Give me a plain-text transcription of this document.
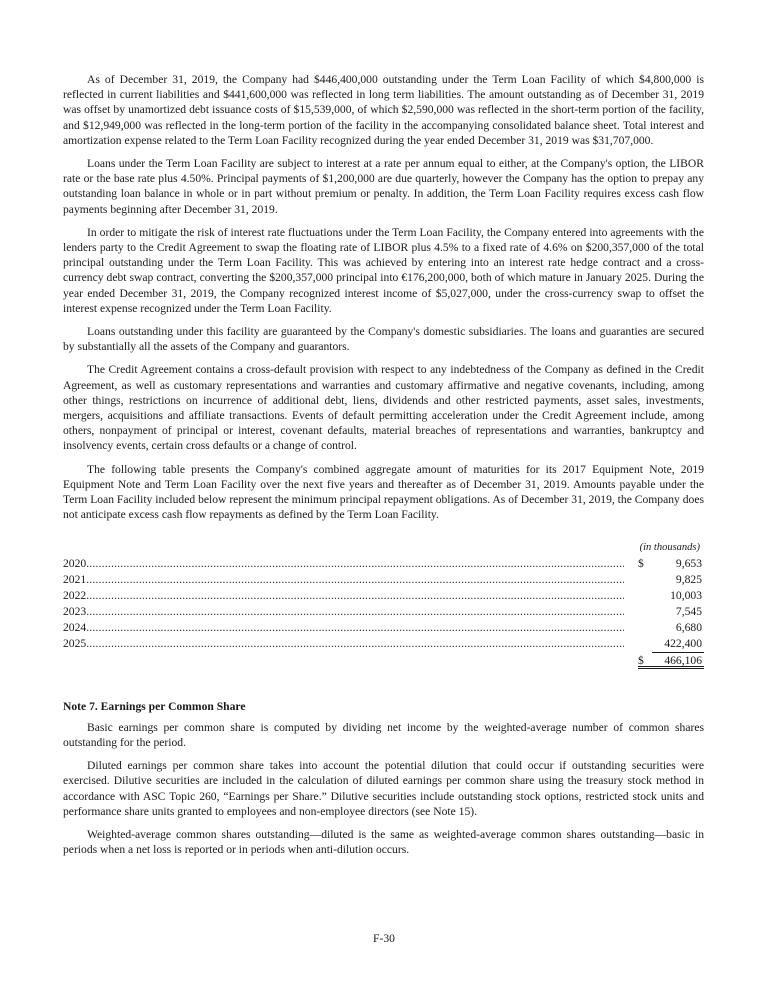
As of December 31, 2019, the Company had $446,400,000 outstanding under the Term Loan Facility of which $4,800,000 is reflected in current liabilities and $441,600,000 was reflected in long term liabilities. The amount outstanding as of December 31, 2019 was offset by unamortized debt issuance costs of $15,539,000, of which $2,590,000 was reflected in the short-term portion of the facility, and $12,949,000 was reflected in the long-term portion of the facility in the accompanying consolidated balance sheet. Total interest and amortization expense related to the Term Loan Facility recognized during the year ended December 31, 2019 was $31,707,000.

Loans under the Term Loan Facility are subject to interest at a rate per annum equal to either, at the Company's option, the LIBOR rate or the base rate plus 4.50%. Principal payments of $1,200,000 are due quarterly, however the Company has the option to prepay any outstanding loan balance in whole or in part without premium or penalty. In addition, the Term Loan Facility requires excess cash flow payments beginning after December 31, 2019.

In order to mitigate the risk of interest rate fluctuations under the Term Loan Facility, the Company entered into agreements with the lenders party to the Credit Agreement to swap the floating rate of LIBOR plus 4.5% to a fixed rate of 4.6% on $200,357,000 of the total principal outstanding under the Term Loan Facility. This was achieved by entering into an interest rate hedge contract and a cross-currency debt swap contract, converting the $200,357,000 principal into €176,200,000, both of which mature in January 2025. During the year ended December 31, 2019, the Company recognized interest income of $5,027,000, under the cross-currency swap to offset the interest expense recognized under the Term Loan Facility.

Loans outstanding under this facility are guaranteed by the Company's domestic subsidiaries. The loans and guaranties are secured by substantially all the assets of the Company and guarantors.

The Credit Agreement contains a cross-default provision with respect to any indebtedness of the Company as defined in the Credit Agreement, as well as customary representations and warranties and customary affirmative and negative covenants, including, among other things, restrictions on incurrence of additional debt, liens, dividends and other restricted payments, asset sales, investments, mergers, acquisitions and affiliate transactions. Events of default permitting acceleration under the Credit Agreement include, among others, nonpayment of principal or interest, covenant defaults, material breaches of representations and warranties, bankruptcy and insolvency events, certain cross defaults or a change of control.

The following table presents the Company's combined aggregate amount of maturities for its 2017 Equipment Note, 2019 Equipment Note and Term Loan Facility over the next five years and thereafter as of December 31, 2019. Amounts payable under the Term Loan Facility included below represent the minimum principal repayment obligations. As of December 31, 2019, the Company does not anticipate excess cash flow repayments as defined by the Term Loan Facility.

(in thousands)
2020 .....	$	9,653
2021 .....	9,825
2022 .....	10,003
2023 .....	7,545
2024 .....	6,680
2025 .....	422,400
$	466,106
Note 7. Earnings per Common Share

Basic earnings per common share is computed by dividing net income by the weighted-average number of common shares outstanding for the period.

Diluted earnings per common share takes into account the potential dilution that could occur if outstanding securities were exercised. Dilutive securities are included in the calculation of diluted earnings per common share using the treasury stock method in accordance with ASC Topic 260, “Earnings per Share.” Dilutive securities include outstanding stock options, restricted stock units and performance share units granted to employees and non-employee directors (see Note 15).

Weighted-average common shares outstanding—diluted is the same as weighted-average common shares outstanding—basic in periods when a net loss is reported or in periods when anti-dilution occurs.

F-30
